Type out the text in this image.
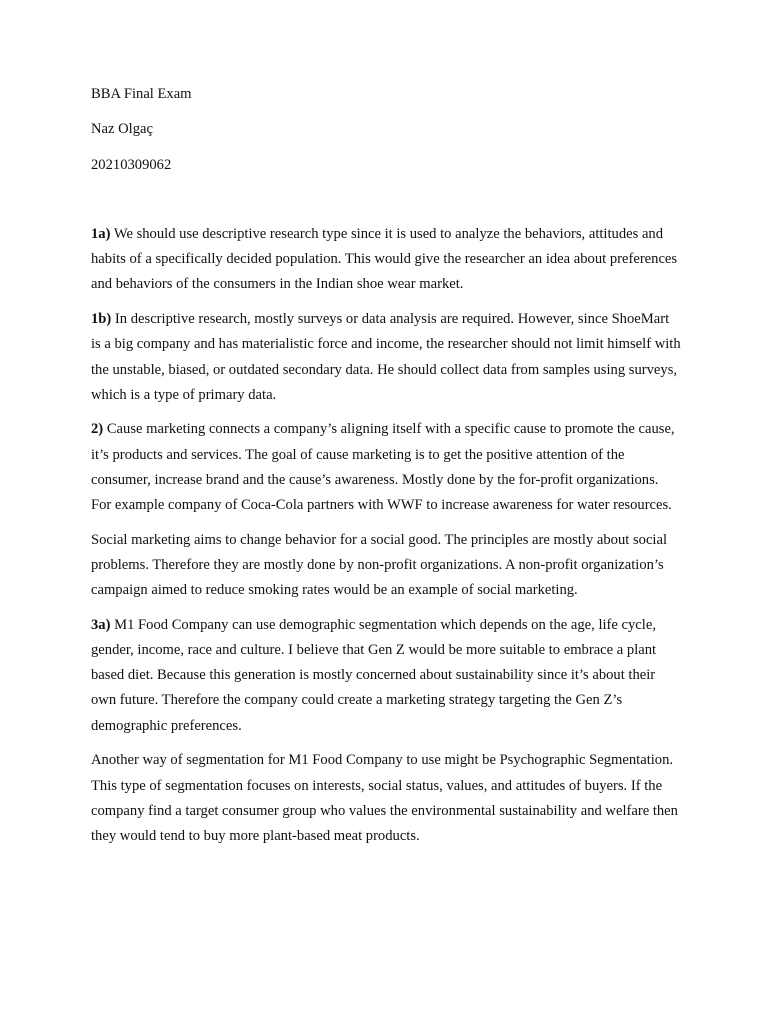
BBA Final Exam
Naz Olgaç
20210309062

1a) We should use descriptive research type since it is used to analyze the behaviors, attitudes and habits of a specifically decided population. This would give the researcher an idea about preferences and behaviors of the consumers in the Indian shoe wear market.

1b) In descriptive research, mostly surveys or data analysis are required. However, since ShoeMart is a big company and has materialistic force and income, the researcher should not limit himself with the unstable, biased, or outdated secondary data. He should collect data from samples using surveys, which is a type of primary data.

2) Cause marketing connects a company’s aligning itself with a specific cause to promote the cause, it’s products and services. The goal of cause marketing is to get the positive attention of the consumer, increase brand and the cause’s awareness. Mostly done by the for-profit organizations. For example company of Coca-Cola partners with WWF to increase awareness for water resources.

Social marketing aims to change behavior for a social good. The principles are mostly about social problems. Therefore they are mostly done by non-profit organizations. A non-profit organization’s campaign aimed to reduce smoking rates would be an example of social marketing.

3a) M1 Food Company can use demographic segmentation which depends on the age, life cycle, gender, income, race and culture. I believe that Gen Z would be more suitable to embrace a plant based diet. Because this generation is mostly concerned about sustainability since it’s about their own future. Therefore the company could create a marketing strategy targeting the Gen Z’s demographic preferences.

Another way of segmentation for M1 Food Company to use might be Psychographic Segmentation. This type of segmentation focuses on interests, social status, values, and attitudes of buyers. If the company find a target consumer group who values the environmental sustainability and welfare then they would tend to buy more plant-based meat products.
